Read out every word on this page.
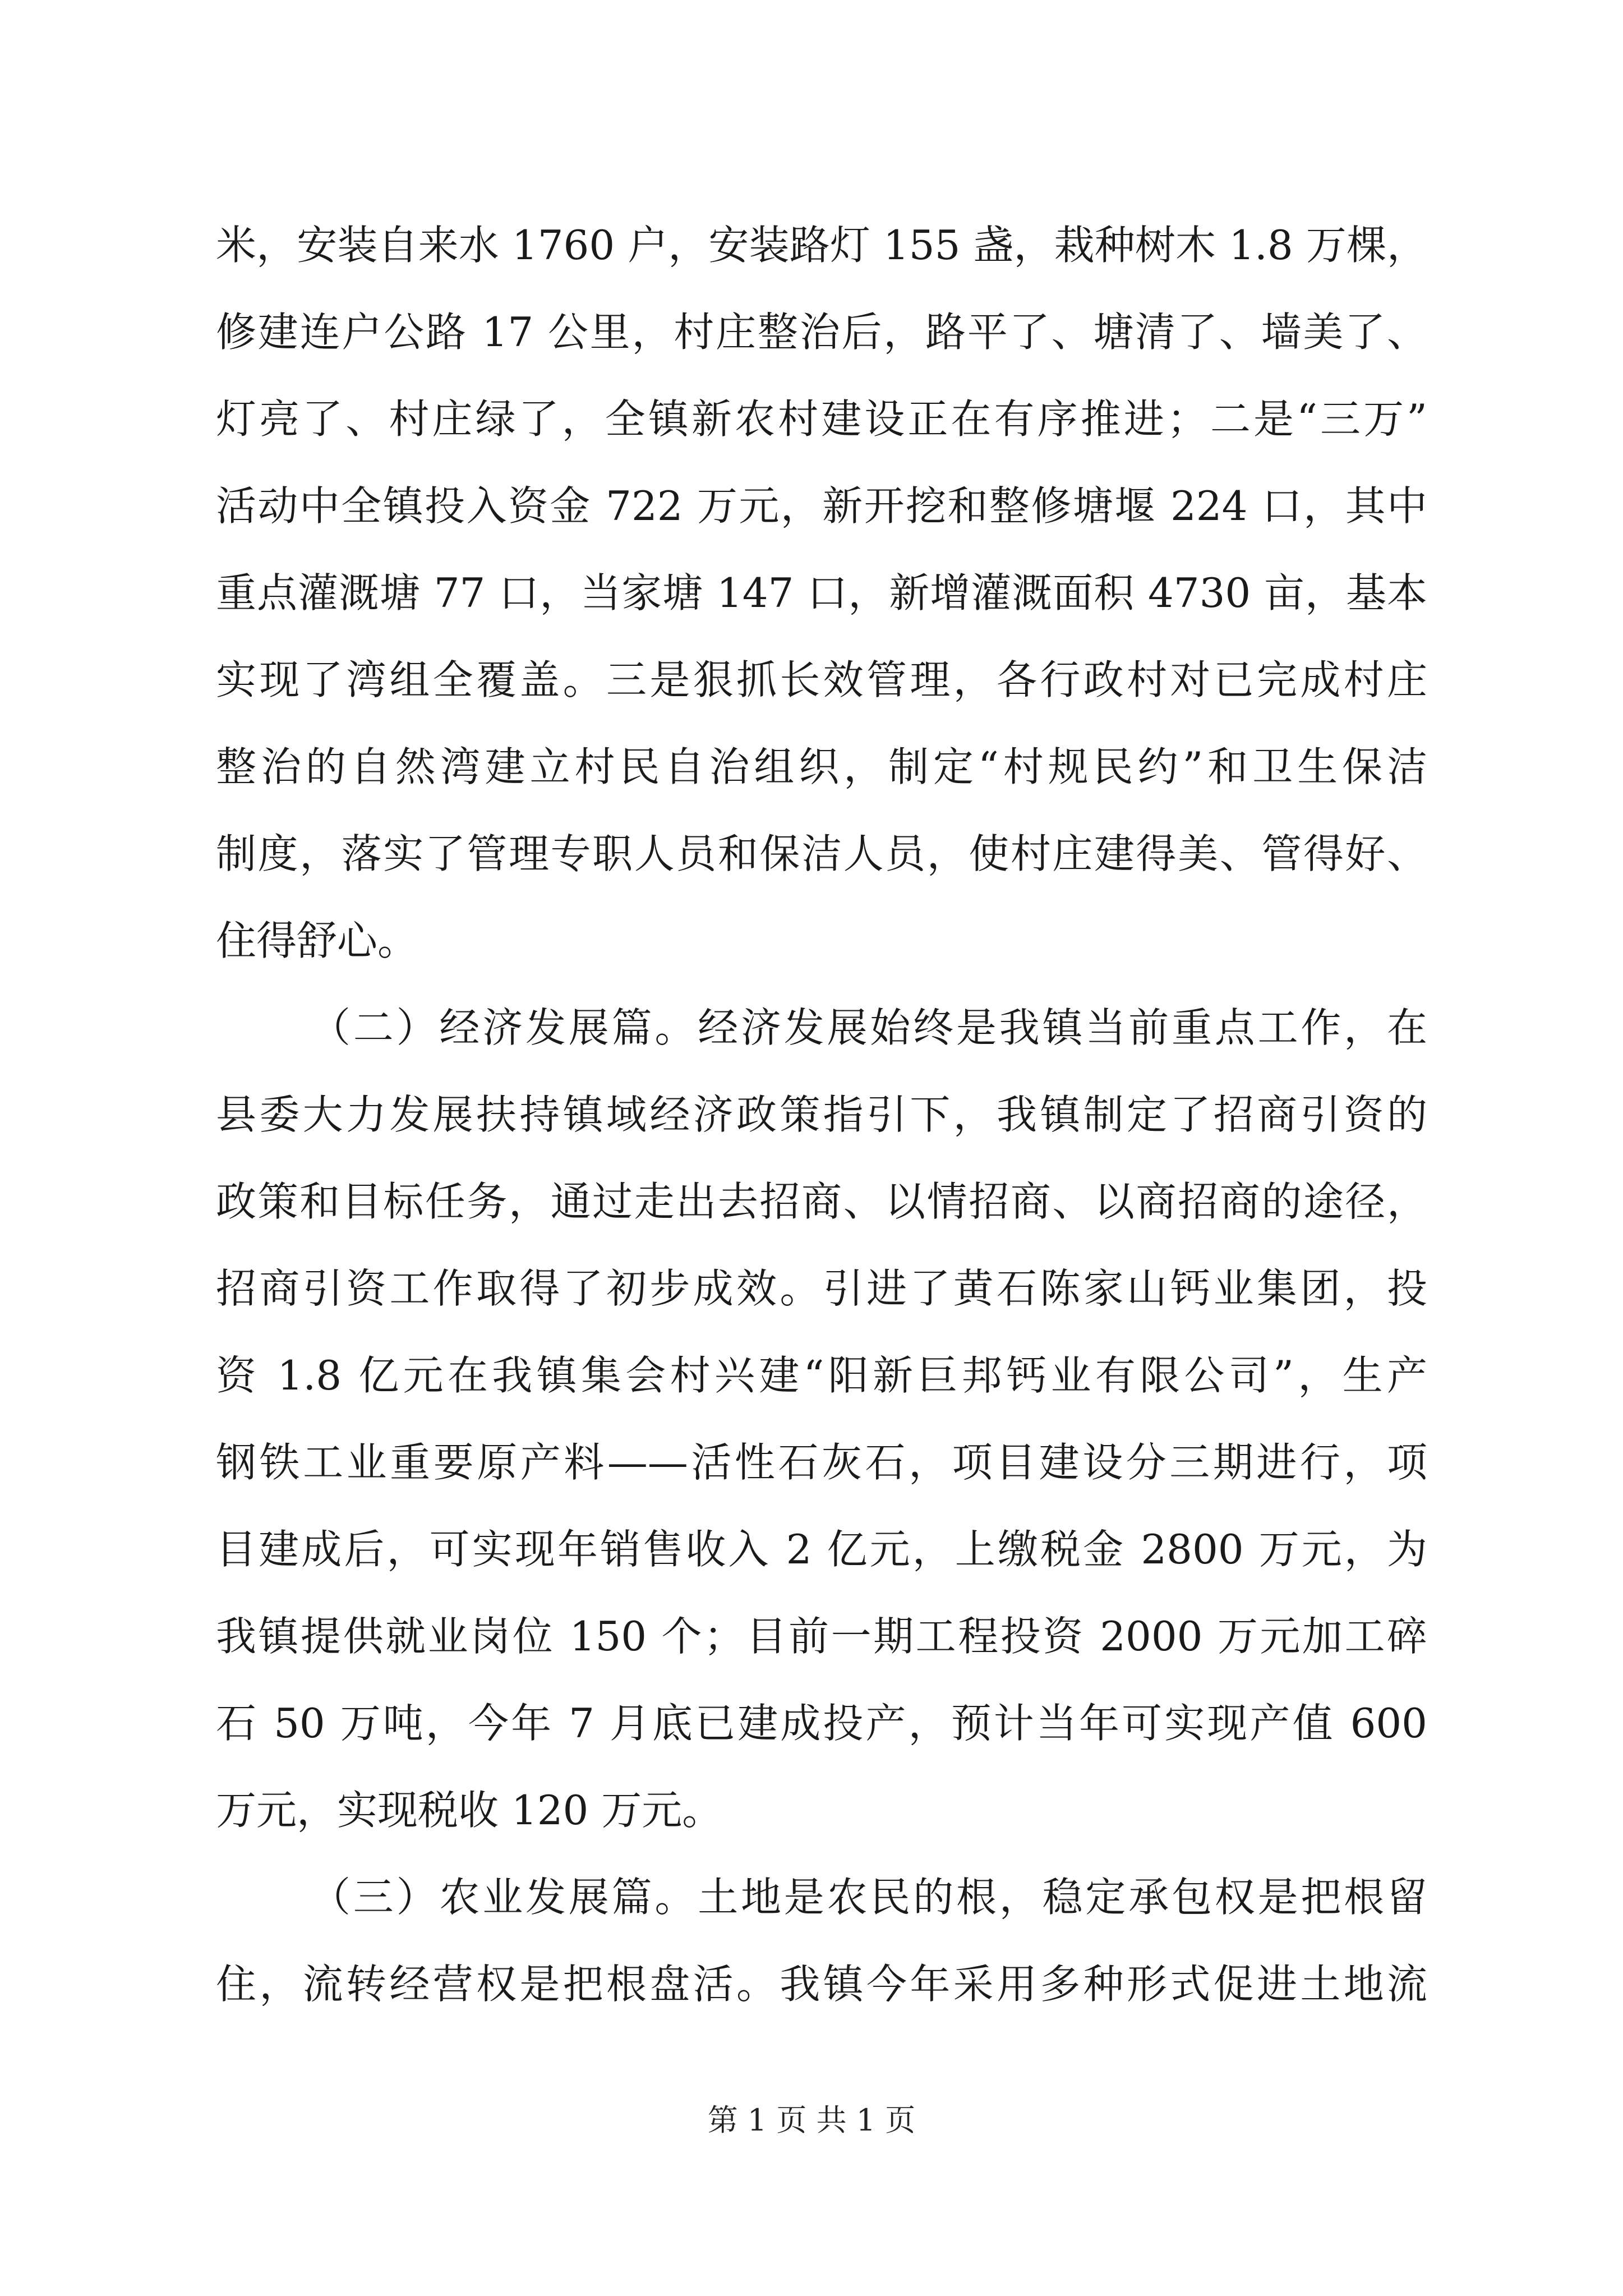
米，安装自来水 1760 户，安装路灯 155 盏，栽种树木 1.8 万棵，
修建连户公路 17 公里，村庄整治后，路平了、塘清了、墙美了、
灯亮了、村庄绿了，全镇新农村建设正在有序推进；二是“三万”
活动中全镇投入资金 722 万元，新开挖和整修塘堰 224 口，其中
重点灌溉塘 77 口，当家塘 147 口，新增灌溉面积 4730 亩，基本
实现了湾组全覆盖。三是狠抓长效管理，各行政村对已完成村庄
整治的自然湾建立村民自治组织，制定“村规民约”和卫生保洁
制度，落实了管理专职人员和保洁人员，使村庄建得美、管得好、
住得舒心。
（二）经济发展篇。经济发展始终是我镇当前重点工作，在
县委大力发展扶持镇域经济政策指引下，我镇制定了招商引资的
政策和目标任务，通过走出去招商、以情招商、以商招商的途径，
招商引资工作取得了初步成效。引进了黄石陈家山钙业集团，投
资 1.8 亿元在我镇集会村兴建“阳新巨邦钙业有限公司”，生产
钢铁工业重要原产料——活性石灰石，项目建设分三期进行，项
目建成后，可实现年销售收入 2 亿元，上缴税金 2800 万元，为
我镇提供就业岗位 150 个；目前一期工程投资 2000 万元加工碎
石 50 万吨，今年 7 月底已建成投产，预计当年可实现产值 600
万元，实现税收 120 万元。
（三）农业发展篇。土地是农民的根，稳定承包权是把根留
住，流转经营权是把根盘活。我镇今年采用多种形式促进土地流
第 1 页 共 1 页
